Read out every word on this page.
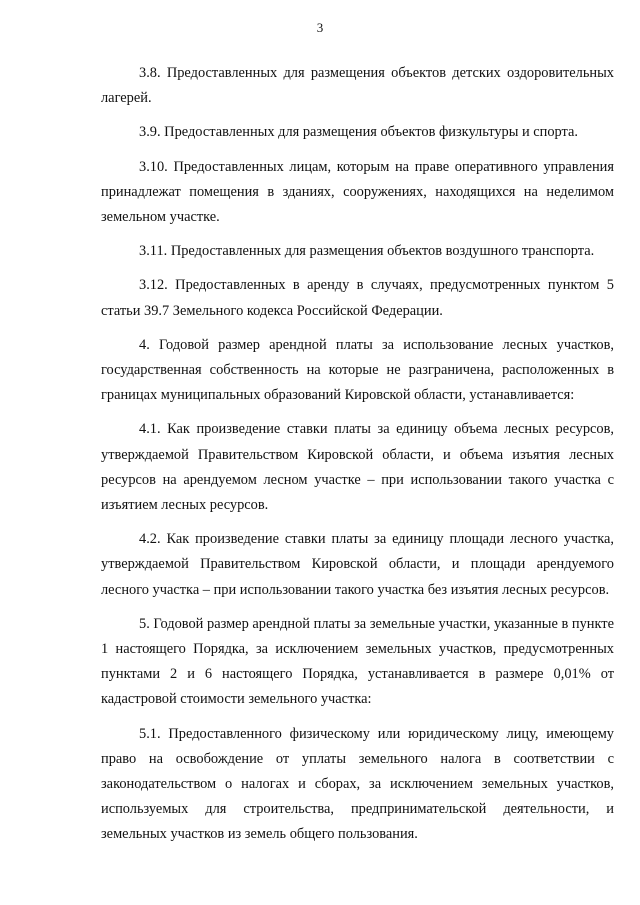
3

3.8. Предоставленных для размещения объектов детских оздоровительных лагерей.

3.9. Предоставленных для размещения объектов физкультуры и спорта.

3.10. Предоставленных лицам, которым на праве оперативного управления принадлежат помещения в зданиях, сооружениях, находящихся на неделимом земельном участке.

3.11. Предоставленных для размещения объектов воздушного транспорта.

3.12. Предоставленных в аренду в случаях, предусмотренных пунктом 5 статьи 39.7 Земельного кодекса Российской Федерации.

4. Годовой размер арендной платы за использование лесных участков, государственная собственность на которые не разграничена, расположенных в границах муниципальных образований Кировской области, устанавливается:

4.1. Как произведение ставки платы за единицу объема лесных ресурсов, утверждаемой Правительством Кировской области, и объема изъятия лесных ресурсов на арендуемом лесном участке – при использовании такого участка с изъятием лесных ресурсов.

4.2. Как произведение ставки платы за единицу площади лесного участка, утверждаемой Правительством Кировской области, и площади арендуемого лесного участка – при использовании такого участка без изъятия лесных ресурсов.

5. Годовой размер арендной платы за земельные участки, указанные в пункте 1 настоящего Порядка, за исключением земельных участков, предусмотренных пунктами 2 и 6 настоящего Порядка, устанавливается в размере 0,01% от кадастровой стоимости земельного участка:

5.1. Предоставленного физическому или юридическому лицу, имеющему право на освобождение от уплаты земельного налога в соответствии с законодательством о налогах и сборах, за исключением земельных участков, используемых для строительства, предпринимательской деятельности, и земельных участков из земель общего пользования.
